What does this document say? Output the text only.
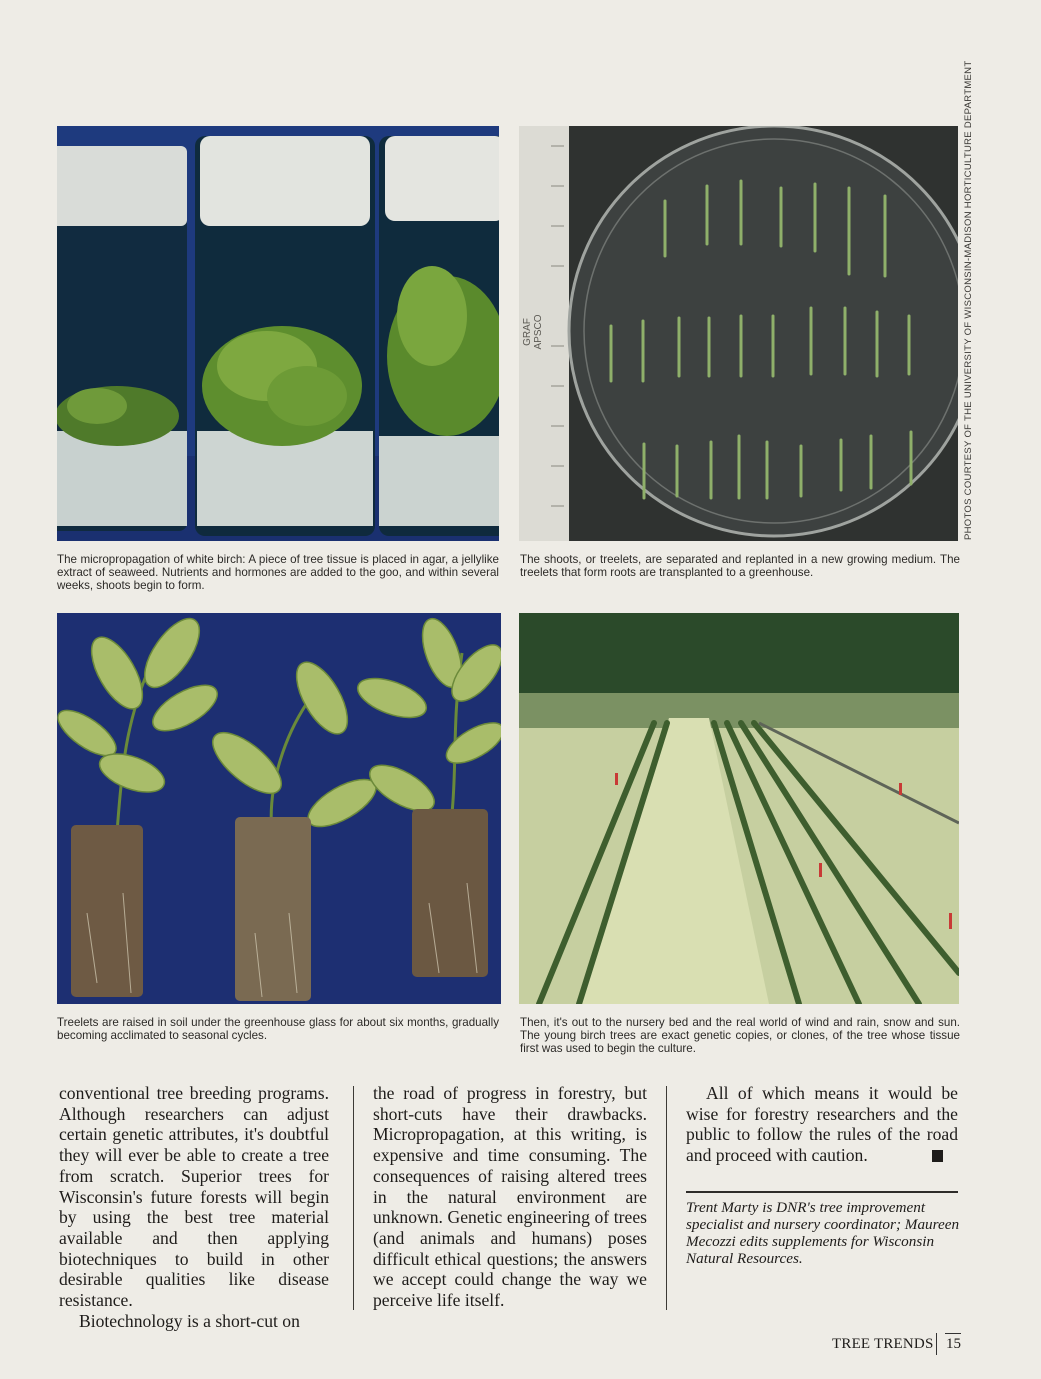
GRAF APSCO	PHOTOS COURTESY OF THE UNIVERSITY OF WISCONSIN-MADISON HORTICULTURE DEPARTMENT

The micropropagation of white birch: A piece of tree tissue is placed in agar, a jellylike extract of seaweed. Nutrients and hormones are added to the goo, and within several weeks, shoots begin to form.

The shoots, or treelets, are separated and replanted in a new growing medium. The treelets that form roots are transplanted to a greenhouse.

Treelets are raised in soil under the greenhouse glass for about six months, gradually becoming acclimated to seasonal cycles.

Then, it's out to the nursery bed and the real world of wind and rain, snow and sun. The young birch trees are exact genetic copies, or clones, of the tree whose tissue first was used to begin the culture.

conventional tree breeding programs. Although researchers can adjust certain genetic attributes, it's doubtful they will ever be able to create a tree from scratch. Superior trees for Wisconsin's future forests will begin by using the best tree material available and then applying biotechniques to build in other desirable qualities like disease resistance.

Biotechnology is a short-cut on

the road of progress in forestry, but short-cuts have their drawbacks. Micropropagation, at this writing, is expensive and time consuming. The consequences of raising altered trees in the natural environment are unknown. Genetic engineering of trees (and animals and humans) poses difficult ethical questions; the answers we accept could change the way we perceive life itself.

All of which means it would be wise for forestry researchers and the public to follow the rules of the road and proceed with caution.

Trent Marty is DNR's tree improvement specialist and nursery coordinator; Maureen Mecozzi edits supplements for Wisconsin Natural Resources.

TREE TRENDS 15
